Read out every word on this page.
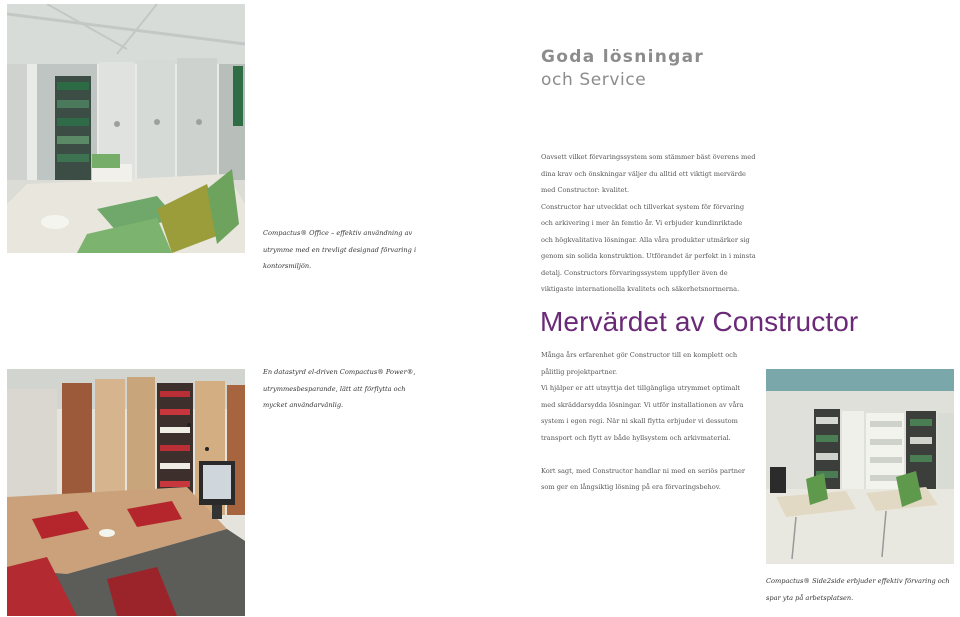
Goda lösningar
och Service

Oavsett vilket förvaringssystem som stämmer bäst överens med dina krav och önskningar väljer du alltid ett viktigt mervärde med Constructor: kvalitet.

Constructor har utvecklat och tillverkat system för förvaring och arkivering i mer än femtio år. Vi erbjuder kundinriktade och högkvalitativa lösningar. Alla våra produkter utmärker sig genom sin solida konstruktion. Utförandet är perfekt in i minsta detalj. Constructors förvaringssystem uppfyller även de viktigaste internationella kvalitets och säkerhetsnormerna.

Mervärdet av Constructor

Många års erfarenhet gör Constructor till en komplett och pålitlig projektpartner.

Vi hjälper er att utnyttja det tillgängliga utrymmet optimalt med skräddarsydda lösningar. Vi utför installationen av våra system i egen regi. När ni skall flytta erbjuder vi dessutom transport och flytt av både hyllsystem och arkivmaterial.

Kort sagt, med Constructor handlar ni med en seriös partner som ger en långsiktig lösning på era förvaringsbehov.

Compactus® Office – effektiv användning av utrymme med en trevligt designad förvaring i kontorsmiljön.
En datastyrd el-driven Compactus® Power®, utrymmesbesparande, lätt att förflytta och mycket användarvänlig.
Compactus® Side2side erbjuder effektiv förvaring och spar yta på arbetsplatsen.
